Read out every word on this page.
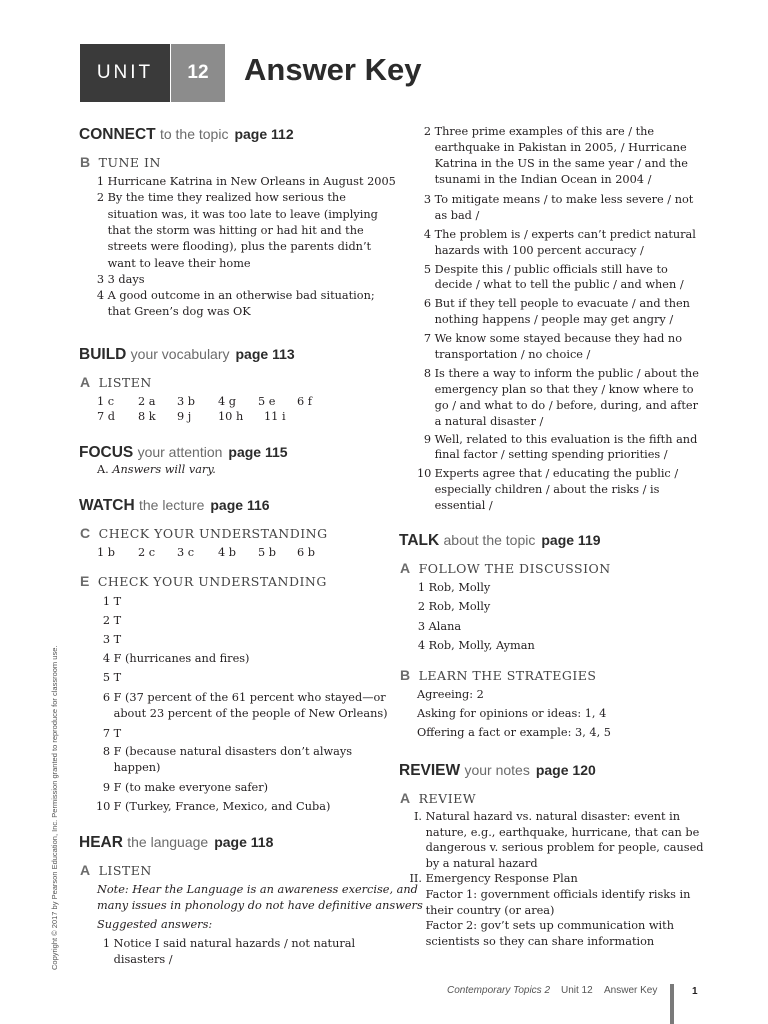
UNIT 12 Answer Key
CONNECT to the topic page 112
B TUNE IN
1 Hurricane Katrina in New Orleans in August 2005
2 By the time they realized how serious the
situation was, it was too late to leave (implying
that the storm was hitting or had hit and the
streets were flooding), plus the parents didn’t
want to leave their home
3 3 days
4 A good outcome in an otherwise bad situation;
that Green’s dog was OK
BUILD your vocabulary page 113
A LISTEN
1 c 2 a 3 b 4 g 5 e 6 f
7 d 8 k 9 j 10 h 11 i
FOCUS your attention page 115
A. Answers will vary.
WATCH the lecture page 116
C CHECK YOUR UNDERSTANDING
1 b 2 c 3 c 4 b 5 b 6 b
E CHECK YOUR UNDERSTANDING
1 T
2 T
3 T
4 F (hurricanes and fires)
5 T
6 F (37 percent of the 61 percent who stayed—or
about 23 percent of the people of New Orleans)
7 T
8 F (because natural disasters don’t always
happen)
9 F (to make everyone safer)
10 F (Turkey, France, Mexico, and Cuba)
HEAR the language page 118
A LISTEN
Note: Hear the Language is an awareness exercise, and
many issues in phonology do not have definitive answers
Suggested answers:
1 Notice I said natural hazards / not natural
disasters /
2 Three prime examples of this are / the
earthquake in Pakistan in 2005, / Hurricane
Katrina in the US in the same year / and the
tsunami in the Indian Ocean in 2004 /
3 To mitigate means / to make less severe / not
as bad /
4 The problem is / experts can’t predict natural
hazards with 100 percent accuracy /
5 Despite this / public officials still have to
decide / what to tell the public / and when /
6 But if they tell people to evacuate / and then
nothing happens / people may get angry /
7 We know some stayed because they had no
transportation / no choice /
8 Is there a way to inform the public / about the
emergency plan so that they / know where to
go / and what to do / before, during, and after
a natural disaster /
9 Well, related to this evaluation is the fifth and
final factor / setting spending priorities /
10 Experts agree that / educating the public /
especially children / about the risks / is
essential /
TALK about the topic page 119
A FOLLOW THE DISCUSSION
1 Rob, Molly
2 Rob, Molly
3 Alana
4 Rob, Molly, Ayman
B LEARN THE STRATEGIES
Agreeing: 2
Asking for opinions or ideas: 1, 4
Offering a fact or example: 3, 4, 5
REVIEW your notes page 120
A REVIEW
I. Natural hazard vs. natural disaster: event in
nature, e.g., earthquake, hurricane, that can be
dangerous v. serious problem for people, caused
by a natural hazard
II. Emergency Response Plan
Factor 1: government officials identify risks in
their country (or area)
Factor 2: gov’t sets up communication with
scientists so they can share information
Copyright © 2017 by Pearson Education, Inc. Permission granted to reproduce for classroom use.
Contemporary Topics 2 Unit 12 Answer Key	1
